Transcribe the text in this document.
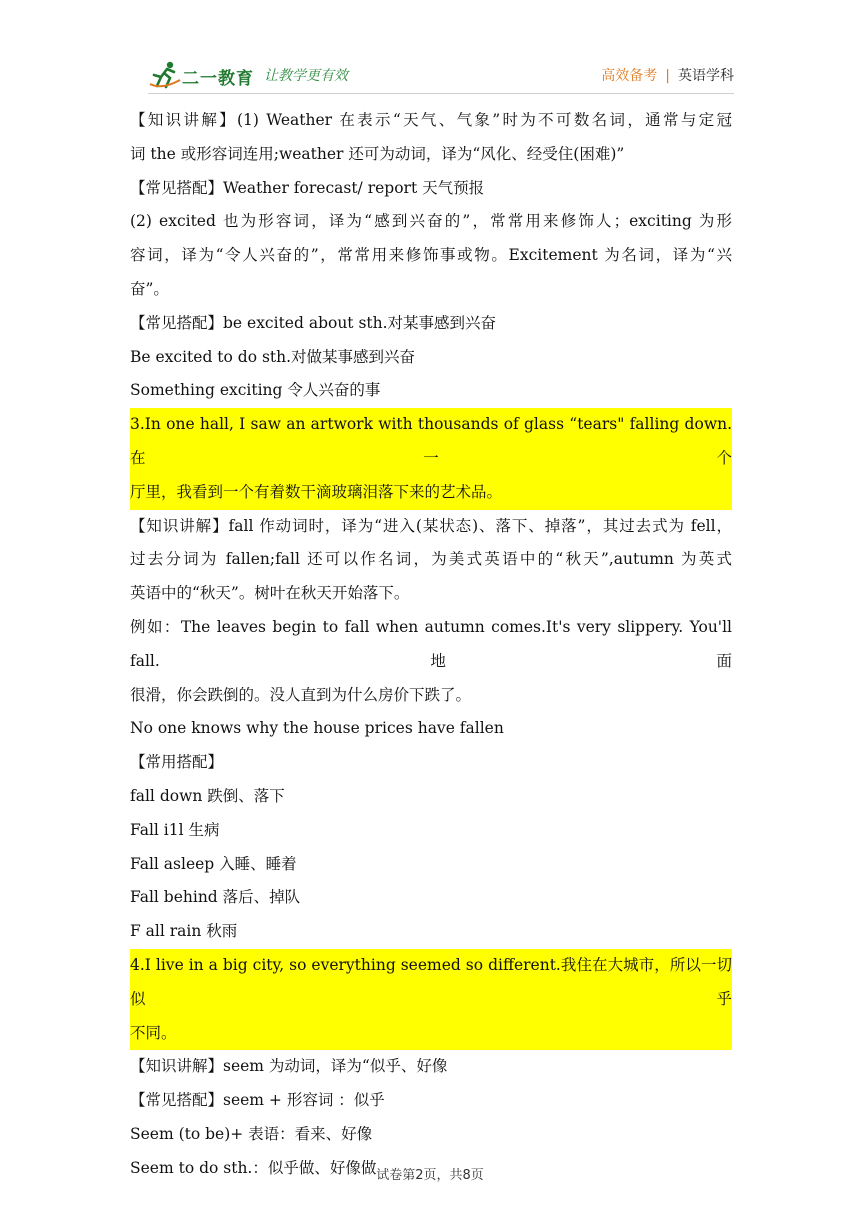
二一教育 让教学更有效	高效备考 | 英语学科
【知识讲解】(1) Weather 在表示“天气、气象”时为不可数名词，通常与定冠
词 the 或形容词连用;weather 还可为动词，译为“风化、经受住(困难)”
【常见搭配】Weather forecast/ report 天气预报
(2) excited 也为形容词，译为“感到兴奋的”，常常用来修饰人；exciting 为形
容词，译为“令人兴奋的”，常常用来修饰事或物。Excitement 为名词，译为“兴
奋”。
【常见搭配】be excited about sth.对某事感到兴奋
Be excited to do sth.对做某事感到兴奋
Something exciting 令人兴奋的事
3.In one hall, I saw an artwork with thousands of glass “tears" falling down.在一个
厅里，我看到一个有着数干滴玻璃泪落下来的艺术品。
【知识讲解】fall 作动词时，译为“进入(某状态)、落下、掉落”，其过去式为 fell，
过去分词为 fallen;fall 还可以作名词，为美式英语中的“秋天”,autumn 为英式
英语中的“秋天”。树叶在秋天开始落下。
例如：The leaves begin to fall when autumn comes.It's very slippery. You'll fall.地面
很滑，你会跌倒的。没人直到为什么房价下跌了。
No one knows why the house prices have fallen
【常用搭配】
fall down 跌倒、落下
Fall i1l 生病
Fall asleep 入睡、睡着
Fall behind 落后、掉队
F all rain 秋雨
4.I live in a big city, so everything seemed so different.我住在大城市，所以一切似乎
不同。
【知识讲解】seem 为动词，译为“似乎、好像
【常见搭配】seem + 形容词 ：似乎
Seem (to be)+ 表语：看来、好像
Seem to do sth.：似乎做、好像做 试卷第2页，共8页
